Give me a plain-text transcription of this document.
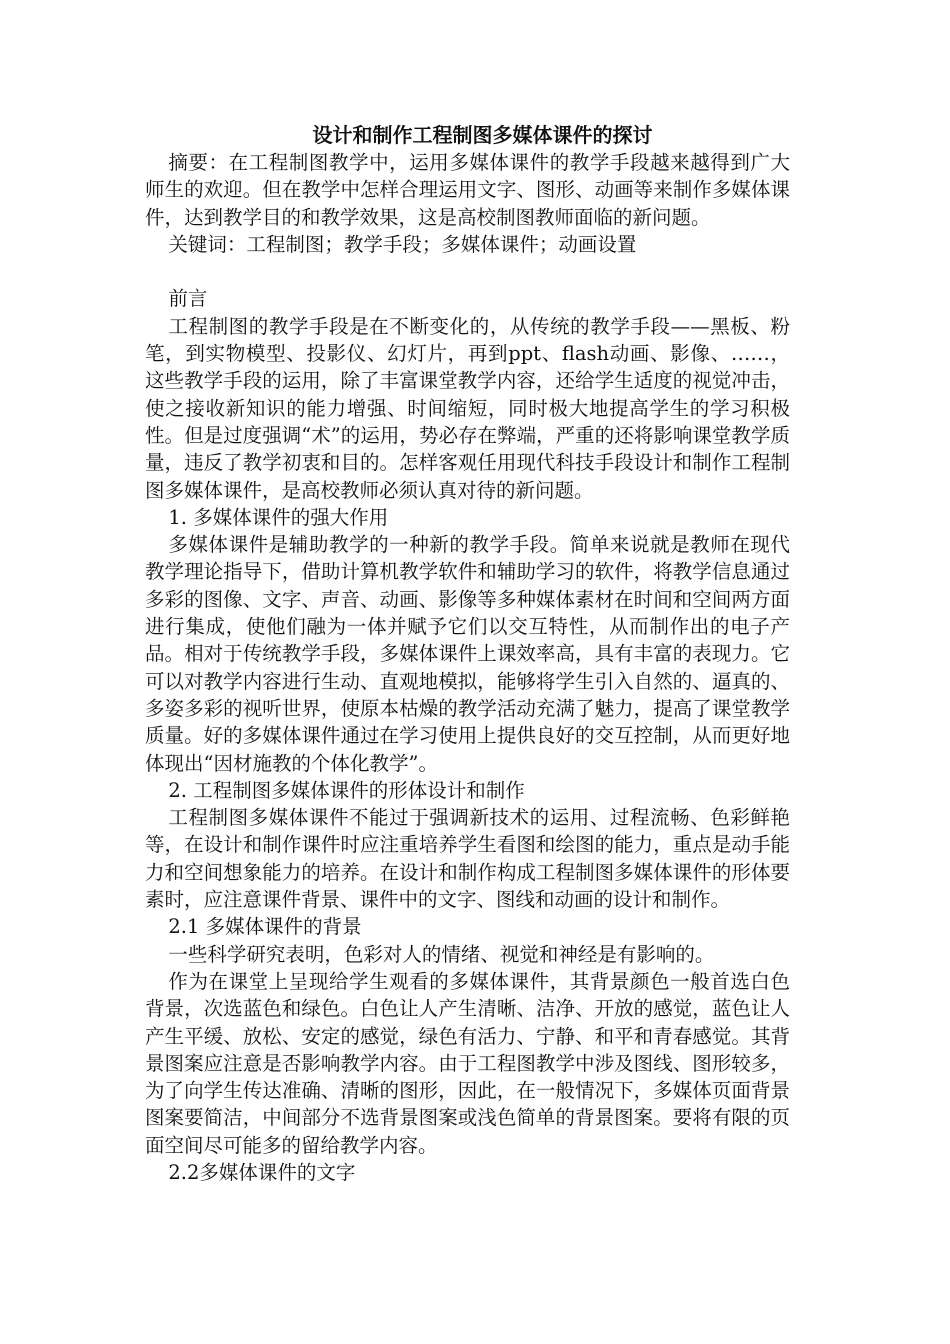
设计和制作工程制图多媒体课件的探讨

摘要：在工程制图教学中，运用多媒体课件的教学手段越来越得到广大师生的欢迎。但在教学中怎样合理运用文字、图形、动画等来制作多媒体课件，达到教学目的和教学效果，这是高校制图教师面临的新问题。

关键词：工程制图；教学手段；多媒体课件；动画设置

前言

工程制图的教学手段是在不断变化的，从传统的教学手段——黑板、粉笔，到实物模型、投影仪、幻灯片，再到ppt、flash动画、影像、……，这些教学手段的运用，除了丰富课堂教学内容，还给学生适度的视觉冲击，使之接收新知识的能力增强、时间缩短，同时极大地提高学生的学习积极性。但是过度强调“术”的运用，势必存在弊端，严重的还将影响课堂教学质量，违反了教学初衷和目的。怎样客观任用现代科技手段设计和制作工程制图多媒体课件，是高校教师必须认真对待的新问题。

1. 多媒体课件的强大作用

多媒体课件是辅助教学的一种新的教学手段。简单来说就是教师在现代教学理论指导下，借助计算机教学软件和辅助学习的软件，将教学信息通过多彩的图像、文字、声音、动画、影像等多种媒体素材在时间和空间两方面进行集成，使他们融为一体并赋予它们以交互特性，从而制作出的电子产品。相对于传统教学手段，多媒体课件上课效率高，具有丰富的表现力。它可以对教学内容进行生动、直观地模拟，能够将学生引入自然的、逼真的、多姿多彩的视听世界，使原本枯燥的教学活动充满了魅力，提高了课堂教学质量。好的多媒体课件通过在学习使用上提供良好的交互控制，从而更好地体现出“因材施教的个体化教学”。

2. 工程制图多媒体课件的形体设计和制作

工程制图多媒体课件不能过于强调新技术的运用、过程流畅、色彩鲜艳等，在设计和制作课件时应注重培养学生看图和绘图的能力，重点是动手能力和空间想象能力的培养。在设计和制作构成工程制图多媒体课件的形体要素时，应注意课件背景、课件中的文字、图线和动画的设计和制作。

2.1 多媒体课件的背景

一些科学研究表明，色彩对人的情绪、视觉和神经是有影响的。

作为在课堂上呈现给学生观看的多媒体课件，其背景颜色一般首选白色背景，次选蓝色和绿色。白色让人产生清晰、洁净、开放的感觉，蓝色让人产生平缓、放松、安定的感觉，绿色有活力、宁静、和平和青春感觉。其背景图案应注意是否影响教学内容。由于工程图教学中涉及图线、图形较多，为了向学生传达准确、清晰的图形，因此，在一般情况下，多媒体页面背景图案要简洁，中间部分不选背景图案或浅色简单的背景图案。要将有限的页面空间尽可能多的留给教学内容。

2.2多媒体课件的文字
